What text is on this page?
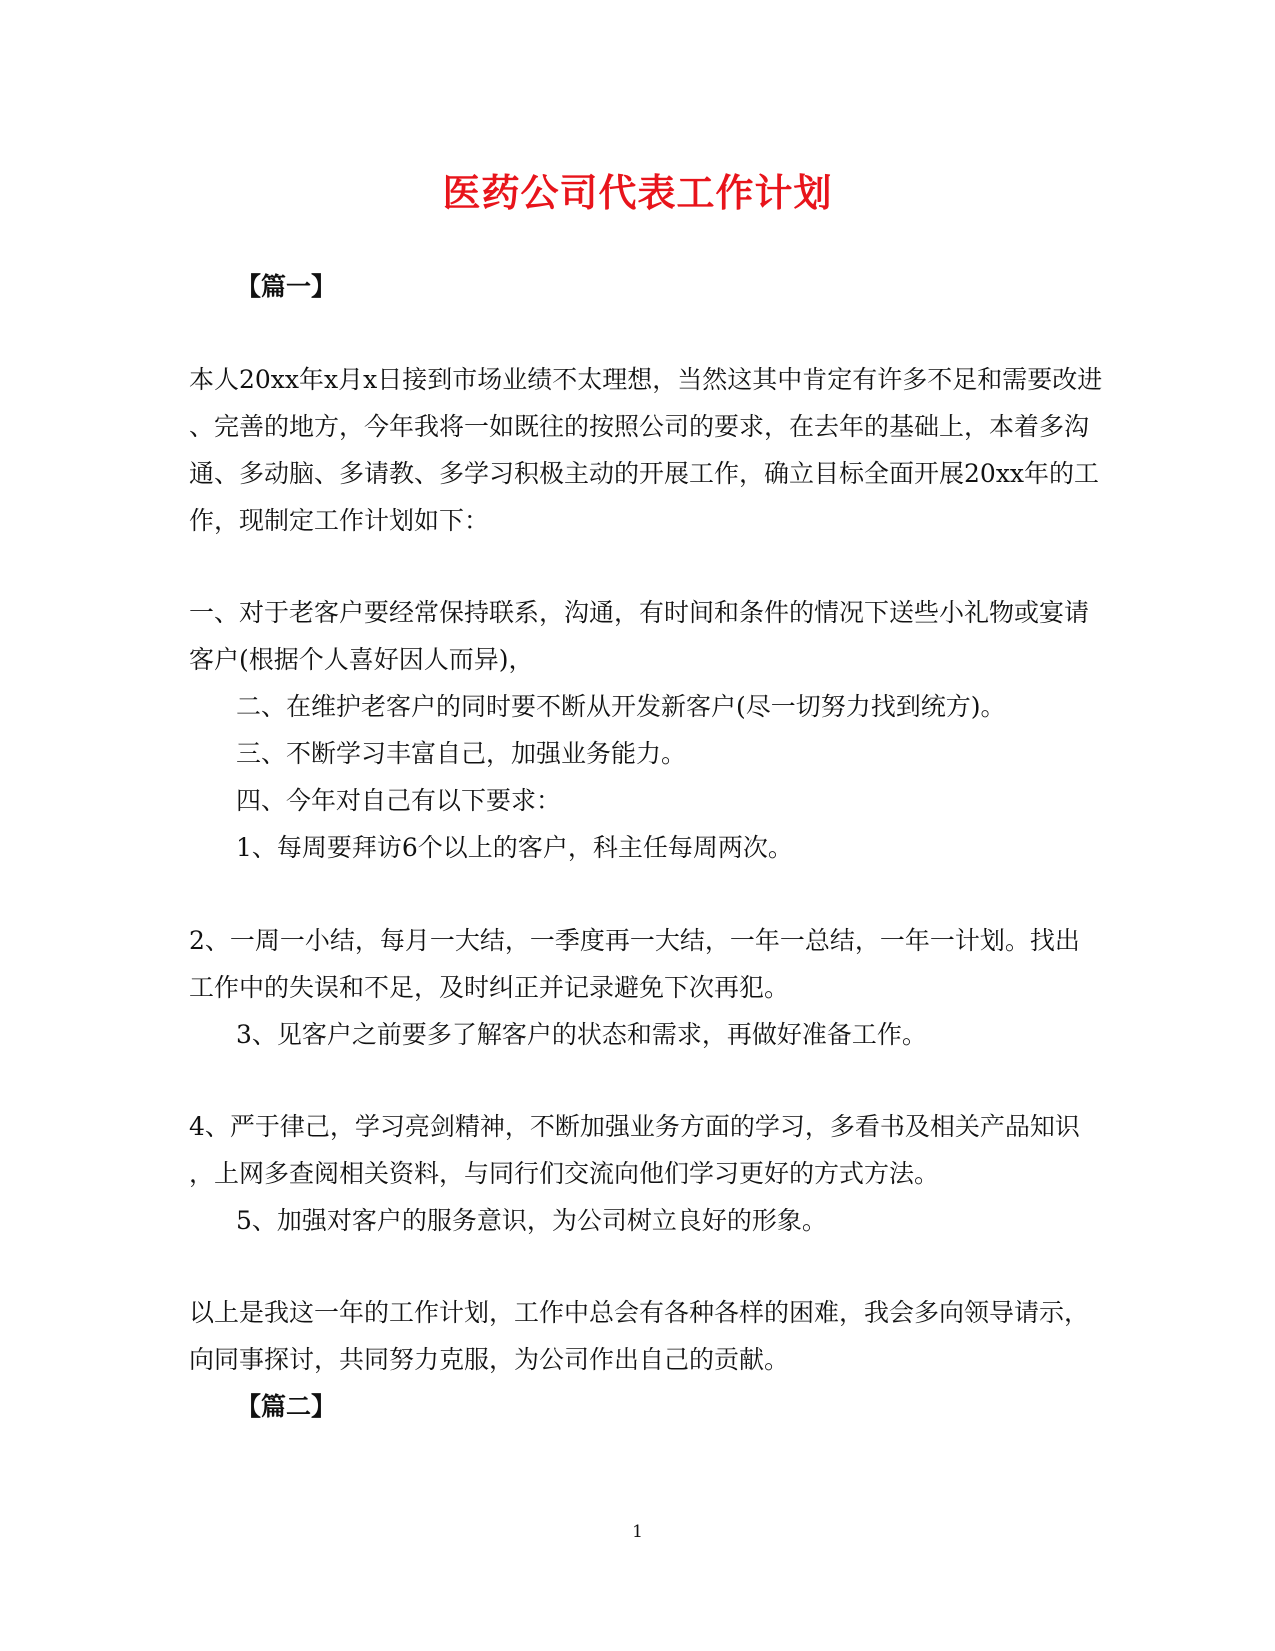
医药公司代表工作计划
【篇一】
本人20xx年x月x日接到市场业绩不太理想，当然这其中肯定有许多不足和需要改进
、完善的地方，今年我将一如既往的按照公司的要求，在去年的基础上，本着多沟
通、多动脑、多请教、多学习积极主动的开展工作，确立目标全面开展20xx年的工
作，现制定工作计划如下：
一、对于老客户要经常保持联系，沟通，有时间和条件的情况下送些小礼物或宴请
客户(根据个人喜好因人而异)，
二、在维护老客户的同时要不断从开发新客户(尽一切努力找到统方)。
三、不断学习丰富自己，加强业务能力。
四、今年对自己有以下要求：
1、每周要拜访6个以上的客户，科主任每周两次。
2、一周一小结，每月一大结，一季度再一大结，一年一总结，一年一计划。找出
工作中的失误和不足，及时纠正并记录避免下次再犯。
3、见客户之前要多了解客户的状态和需求，再做好准备工作。
4、严于律己，学习亮剑精神，不断加强业务方面的学习，多看书及相关产品知识
，上网多查阅相关资料，与同行们交流向他们学习更好的方式方法。
5、加强对客户的服务意识，为公司树立良好的形象。
以上是我这一年的工作计划，工作中总会有各种各样的困难，我会多向领导请示，
向同事探讨，共同努力克服，为公司作出自己的贡献。
【篇二】
1
